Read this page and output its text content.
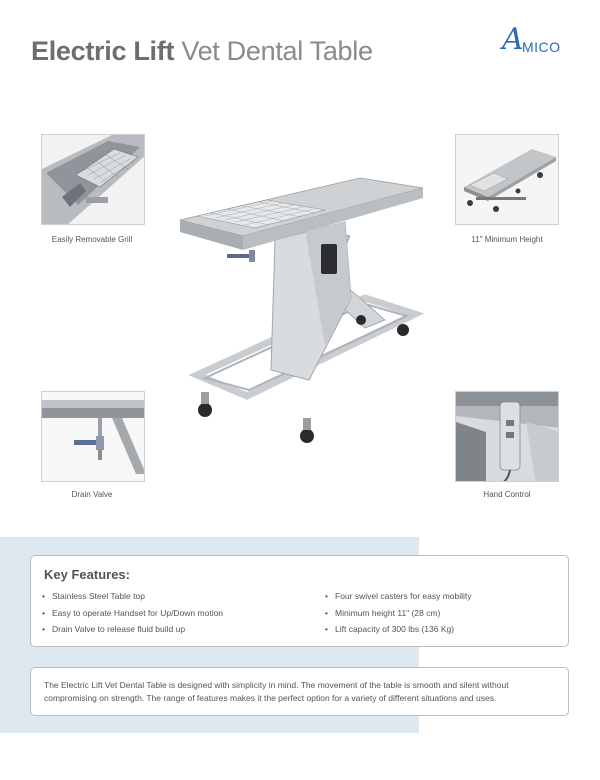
Electric Lift Vet Dental Table	A
MICO
Easily Removable Grill	11" Minimum Height
Drain Valve	Hand Control
Key Features:
• Stainless Steel Table top
• Easy to operate Handset for Up/Down motion
• Drain Valve to release fluid build up
• Four swivel casters for easy mobility
• Minimum height 11" (28 cm)
• Lift capacity of 300 lbs (136 Kg)
The Electric Lift Vet Dental Table is designed with simplicity in mind. The movement of the table is smooth and silent without compromising on strength. The range of features makes it the perfect option for a variety of different situations and uses.
